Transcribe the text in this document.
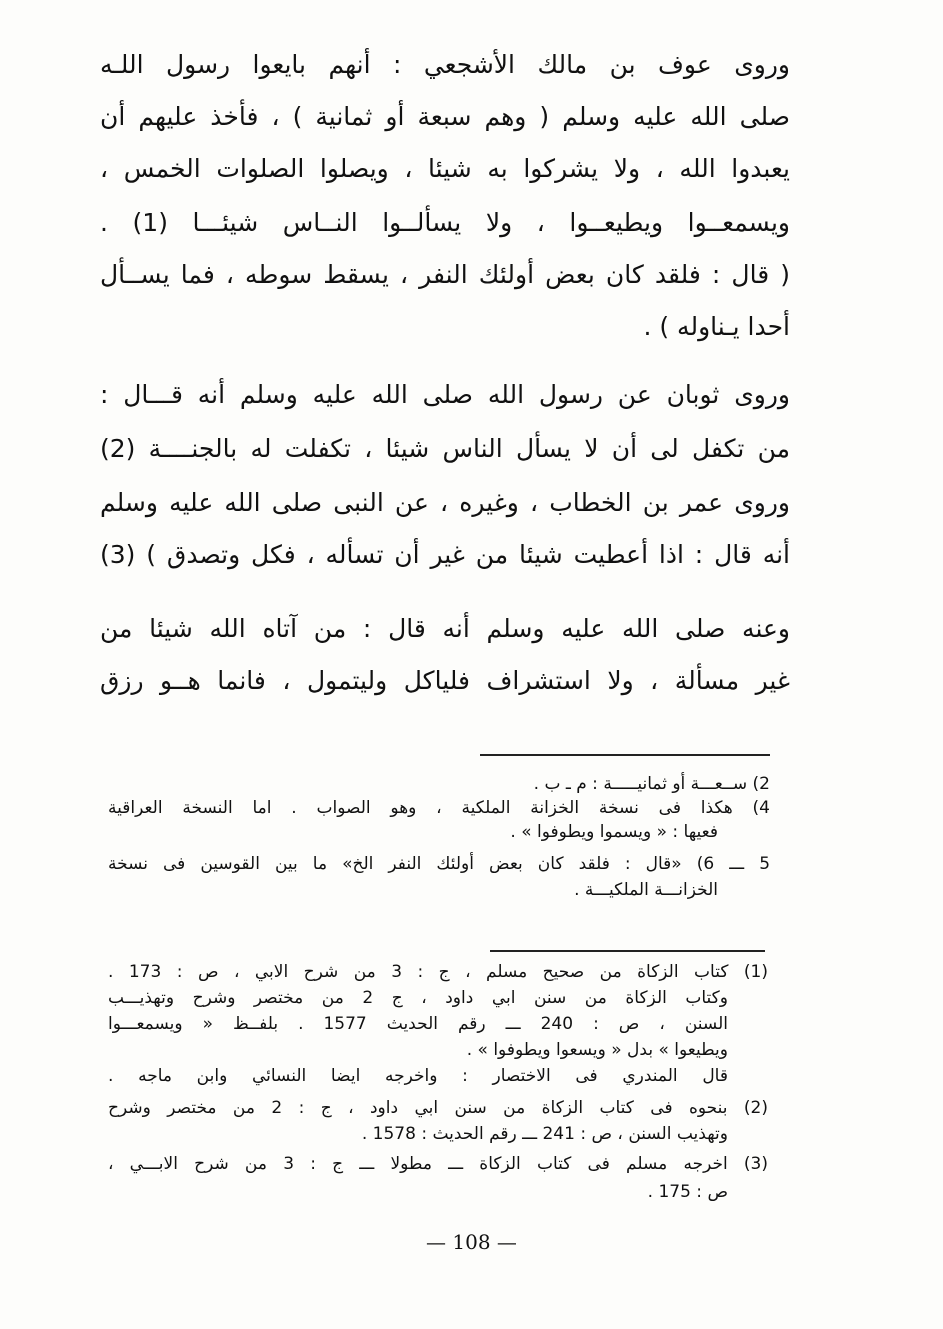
وروى عوف بن مالك الأشجعي : أنهم بايعوا رسول اللـه
صلى الله عليه وسلم ( وهم سبعة أو ثمانية ) ، فأخذ عليهم أن
يعبدوا الله ، ولا يشركوا به شيئا ، ويصلوا الصلوات الخمس ،
ويسمعــوا ويطيعــوا ، ولا يسألــوا النــاس شيئـــا (1) .
( قال : فلقد كان بعض أولئك النفر ، يسقط سوطه ، فما يســأل
أحدا يـناوله ) .
وروى ثوبان عن رسول الله صلى الله عليه وسلم أنه قـــال :
من تكفل لى أن لا يسأل الناس شيئا ، تكفلت له بالجنــــة (2)
وروى عمر بن الخطاب ، وغيره ، عن النبى صلى الله عليه وسلم
أنه قال : اذا أعطيت شيئا من غير أن تسأله ، فكل وتصدق ) (3)
وعنه صلى الله عليه وسلم أنه قال : من آتاه الله شيئا من
غير مسألة ، ولا استشراف فلياكل وليتمول ، فانما هــو رزق
2) ســعـــة أو ثمانيـــــة : م ـ ب .
4) هكذا فى نسخة الخزانة الملكية ، وهو الصواب . اما النسخة العراقية
فعيها : « ويسموا ويطوفوا » .
5 ـــ 6) «قال : فلقد كان بعض أولئك النفر الخ» ما بين القوسين فى نسخة
الخزانـــة الملكيـــة .
(1) كتاب الزكاة من صحيح مسلم ، ج : 3 من شرح الابي ، ص : 173 .
وكتاب الزكاة من سنن ابي داود ، ج 2 من مختصر وشرح وتهذيـــب
السنن ، ص : 240 ـــ رقم الحديث 1577 . بلفــظ « ويسمعـــوا
ويطيعوا » بدل « ويسعوا ويطوفوا » .
قال المندري فى الاختصار : واخرجه ايضا النسائي وابن ماجه .
(2) بنحوه فى كتاب الزكاة من سنن ابي داود ، ج : 2 من مختصر وشرح
وتهذيب السنن ، ص : 241 ـــ رقم الحديث : 1578 .
(3) اخرجه مسلم فى كتاب الزكاة ـــ مطولا ـــ ج : 3 من شرح الابـــي ،
ص : 175 .
— 108 —
